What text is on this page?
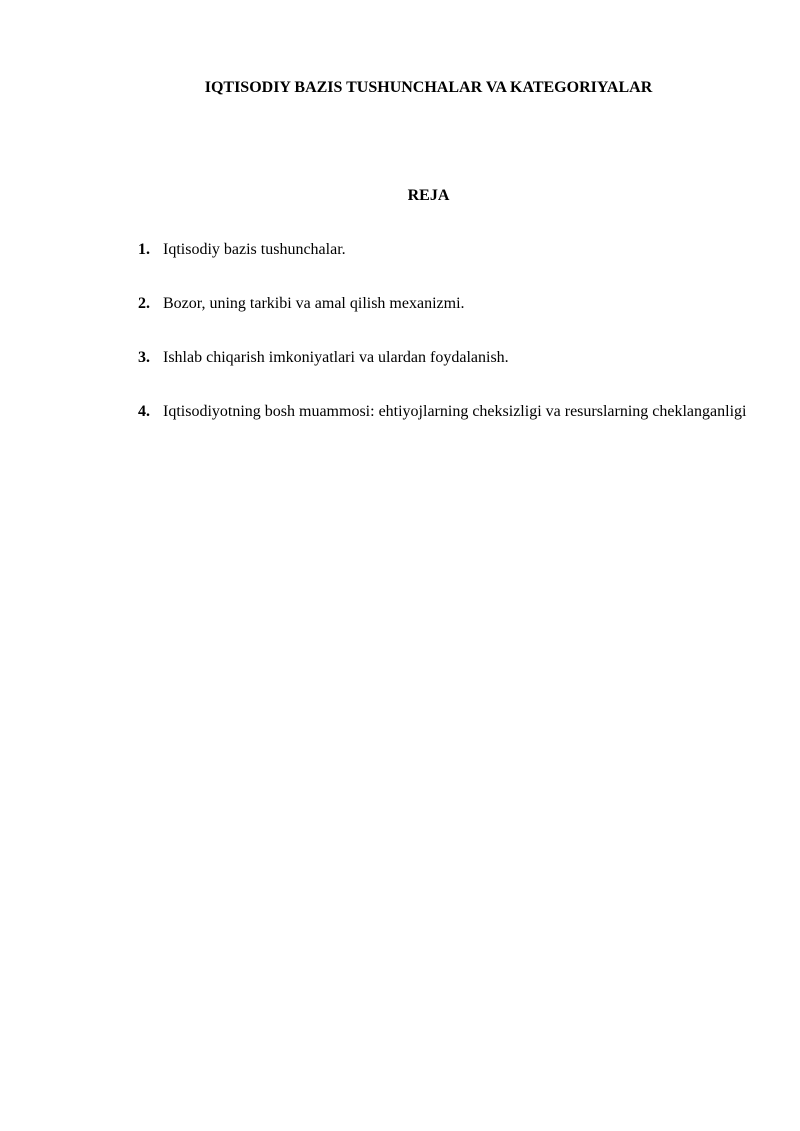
IQTISODIY BAZIS TUSHUNCHALAR VA KATEGORIYALAR
REJA
1. Iqtisodiy bazis tushunchalar.
2. Bozor, uning tarkibi va amal qilish mexanizmi.
3. Ishlab chiqarish imkoniyatlari va ulardan foydalanish.
4. Iqtisodiyotning bosh muammosi: ehtiyojlarning cheksizligi va resurslarning cheklanganligi
